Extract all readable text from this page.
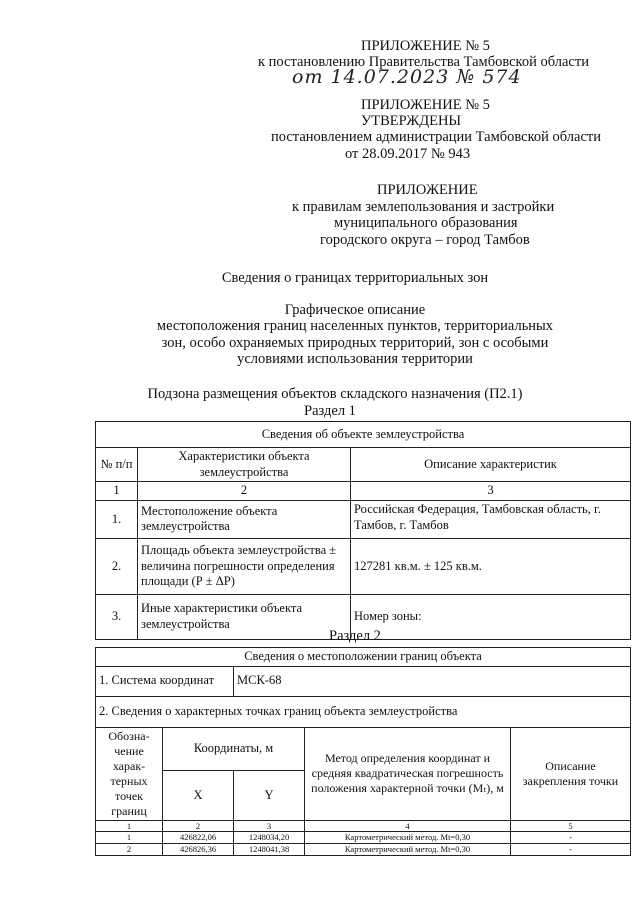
ПРИЛОЖЕНИЕ № 5
к постановлению Правительства Тамбовской области
от 14.07.2023 № 574
ПРИЛОЖЕНИЕ № 5
УТВЕРЖДЕНЫ
постановлением администрации Тамбовской области
от 28.09.2017 № 943
ПРИЛОЖЕНИЕ
к правилам землепользования и застройки
муниципального образования
городского округа – город Тамбов
Сведения о границах территориальных зон
Графическое описание
местоположения границ населенных пунктов, территориальных
зон, особо охраняемых природных территорий, зон с особыми
условиями использования территории
Подзона размещения объектов складского назначения (П2.1)
Раздел 1
Сведения об объекте землеустройства		
№ п/п	Характеристики объекта землеустройства	Описание характеристик
1	2	3
1.	Местоположение объекта землеустройства	Российская Федерация, Тамбовская область, г. Тамбов, г. Тамбов
2.	Площадь объекта землеустройства ± величина погрешности определения площади (Р ± ΔР)	127281 кв.м. ± 125 кв.м.
3.	Иные характеристики объекта землеустройства	Номер зоны:
Раздел 2
Сведения о местоположении границ объекта				
1. Система координат		МСК-68		
2. Сведения о характерных точках границ объекта землеустройства				
Обозна-чение харак-терных точек границ	Координаты, м		Метод определения координат и средняя квадратическая погрешность положения характерной точки (Mₜ), м	Описание закрепления точки
	X	Y		
1	2	3	4	5
1	426822,06	1248034,20	Картометрический метод. Mt=0,30	-
2	426826,36	1248041,38	Картометрический метод. Mt=0,30	-
